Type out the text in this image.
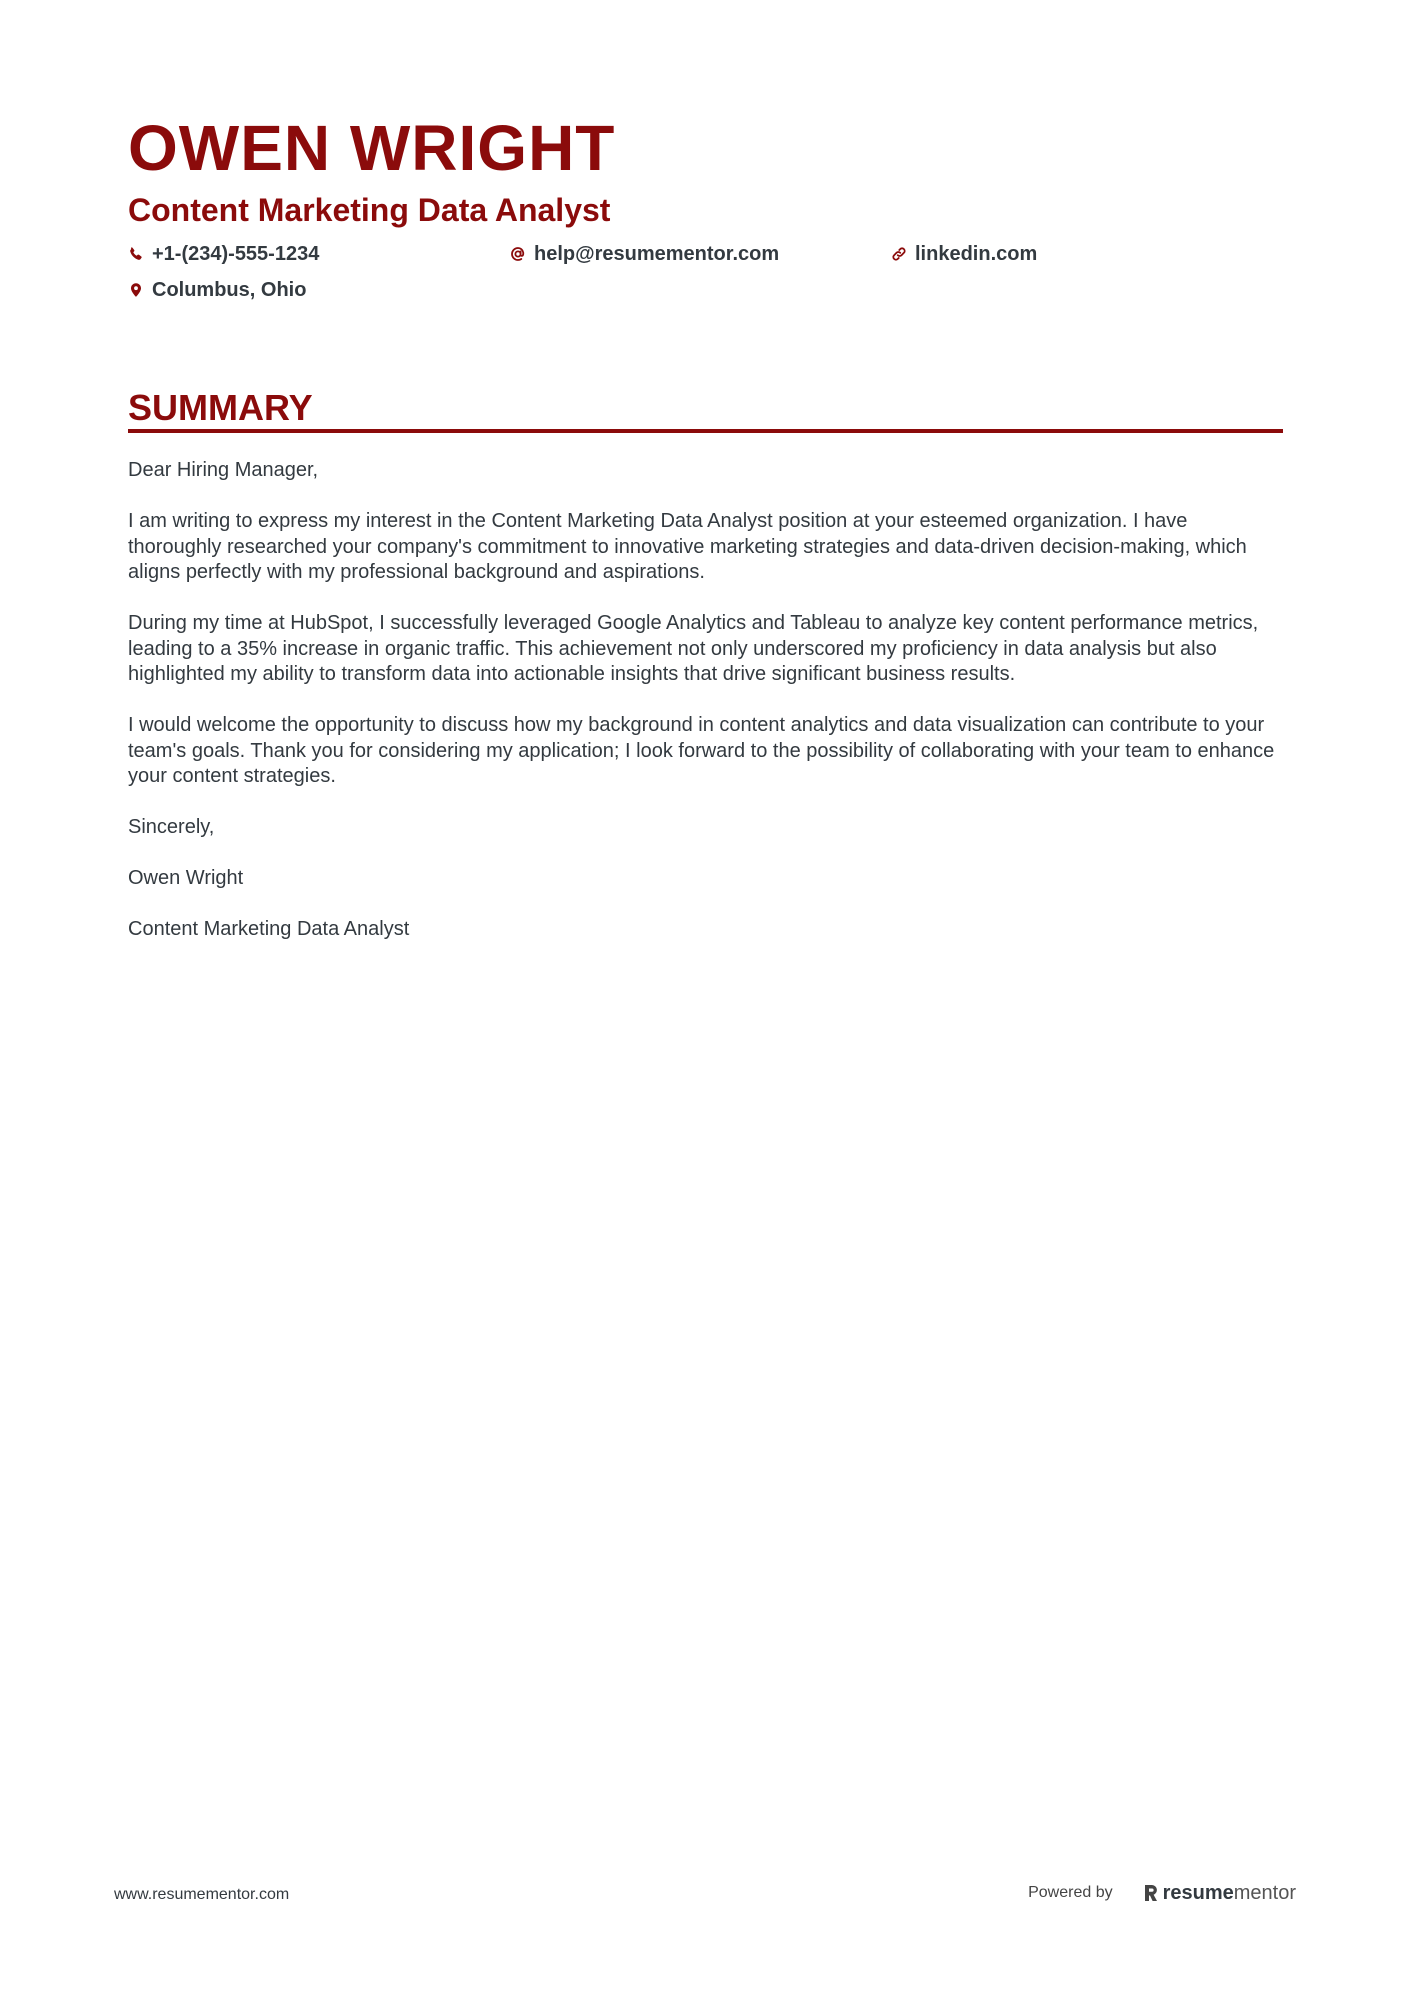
OWEN WRIGHT
Content Marketing Data Analyst
+1-(234)-555-1234	help@resumementor.com	linkedin.com
Columbus, Ohio
SUMMARY

Dear Hiring Manager,

I am writing to express my interest in the Content Marketing Data Analyst position at your esteemed organization. I have thoroughly researched your company's commitment to innovative marketing strategies and data-driven decision-making, which aligns perfectly with my professional background and aspirations.

During my time at HubSpot, I successfully leveraged Google Analytics and Tableau to analyze key content performance metrics, leading to a 35% increase in organic traffic. This achievement not only underscored my proficiency in data analysis but also highlighted my ability to transform data into actionable insights that drive significant business results.

I would welcome the opportunity to discuss how my background in content analytics and data visualization can contribute to your team's goals. Thank you for considering my application; I look forward to the possibility of collaborating with your team to enhance your content strategies.

Sincerely,

Owen Wright

Content Marketing Data Analyst

www.resumementor.com	Powered by	resume mentor
